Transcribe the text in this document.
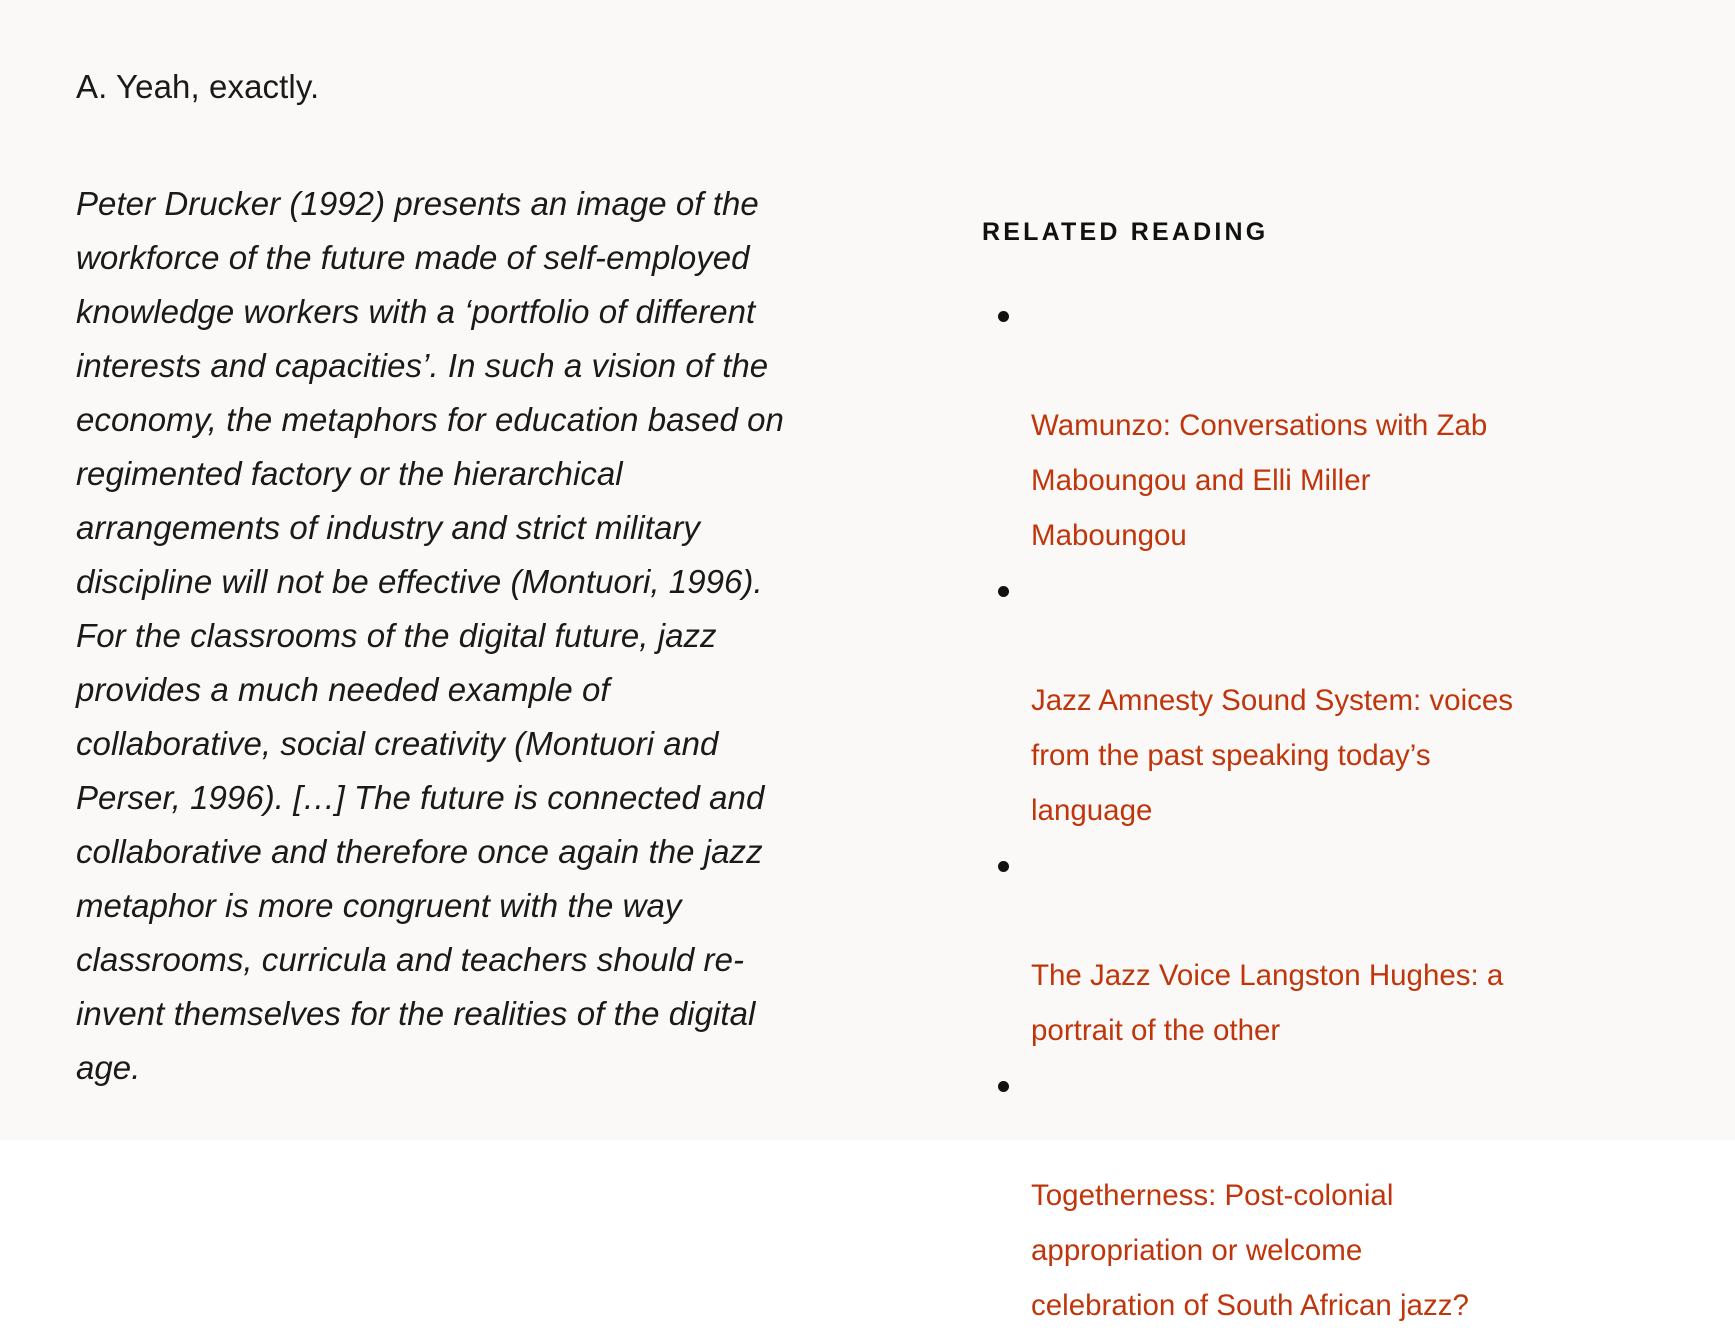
A. Yeah, exactly.

Peter Drucker (1992) presents an image of the
workforce of the future made of self-employed
knowledge workers with a ‘portfolio of different
interests and capacities’. In such a vision of the
economy, the metaphors for education based on
regimented factory or the hierarchical
arrangements of industry and strict military
discipline will not be effective (Montuori, 1996).
For the classrooms of the digital future, jazz
provides a much needed example of
collaborative, social creativity (Montuori and
Perser, 1996). […] The future is connected and
collaborative and therefore once again the jazz
metaphor is more congruent with the way
classrooms, curricula and teachers should re-
invent themselves for the realities of the digital
age.

RELATED READING

Wamunzo: Conversations with Zab
Maboungou and Elli Miller
Maboungou

Jazz Amnesty Sound System: voices
from the past speaking today’s
language

The Jazz Voice Langston Hughes: a
portrait of the other

Togetherness: Post-colonial
appropriation or welcome
celebration of South African jazz?
